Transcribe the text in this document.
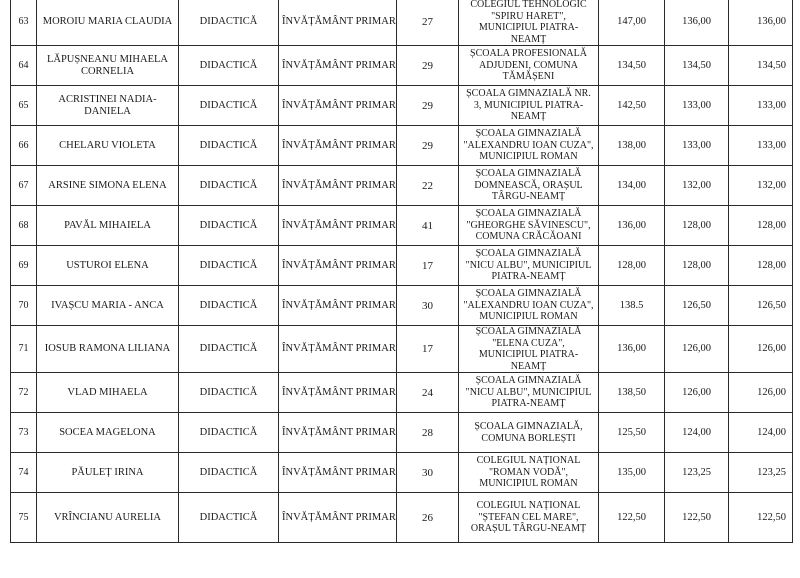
63	MOROIU MARIA CLAUDIA	DIDACTICĂ	ÎNVĂȚĂMÂNT PRIMAR	27	COLEGIUL TEHNOLOGIC "SPIRU HARET", MUNICIPIUL PIATRA-NEAMȚ	147,00	136,00	136,00
64	LĂPUȘNEANU MIHAELA CORNELIA	DIDACTICĂ	ÎNVĂȚĂMÂNT PRIMAR	29	ȘCOALA PROFESIONALĂ ADJUDENI, COMUNA TĂMĂȘENI	134,50	134,50	134,50
65	ACRISTINEI NADIA-DANIELA	DIDACTICĂ	ÎNVĂȚĂMÂNT PRIMAR	29	ȘCOALA GIMNAZIALĂ NR. 3, MUNICIPIUL PIATRA-NEAMȚ	142,50	133,00	133,00
66	CHELARU VIOLETA	DIDACTICĂ	ÎNVĂȚĂMÂNT PRIMAR	29	ȘCOALA GIMNAZIALĂ "ALEXANDRU IOAN CUZA", MUNICIPIUL ROMAN	138,00	133,00	133,00
67	ARSINE SIMONA ELENA	DIDACTICĂ	ÎNVĂȚĂMÂNT PRIMAR	22	ȘCOALA GIMNAZIALĂ DOMNEASCĂ, ORAȘUL TÂRGU-NEAMȚ	134,00	132,00	132,00
68	PAVĂL MIHAIELA	DIDACTICĂ	ÎNVĂȚĂMÂNT PRIMAR	41	ȘCOALA GIMNAZIALĂ "GHEORGHE SĂVINESCU", COMUNA CRĂCĂOANI	136,00	128,00	128,00
69	USTUROI ELENA	DIDACTICĂ	ÎNVĂȚĂMÂNT PRIMAR	17	ȘCOALA GIMNAZIALĂ "NICU ALBU", MUNICIPIUL PIATRA-NEAMȚ	128,00	128,00	128,00
70	IVAȘCU MARIA - ANCA	DIDACTICĂ	ÎNVĂȚĂMÂNT PRIMAR	30	ȘCOALA GIMNAZIALĂ "ALEXANDRU IOAN CUZA", MUNICIPIUL ROMAN	138.5	126,50	126,50
71	IOSUB RAMONA LILIANA	DIDACTICĂ	ÎNVĂȚĂMÂNT PRIMAR	17	ȘCOALA GIMNAZIALĂ "ELENA CUZA", MUNICIPIUL PIATRA-NEAMȚ	136,00	126,00	126,00
72	VLAD MIHAELA	DIDACTICĂ	ÎNVĂȚĂMÂNT PRIMAR	24	ȘCOALA GIMNAZIALĂ "NICU ALBU", MUNICIPIUL PIATRA-NEAMȚ	138,50	126,00	126,00
73	SOCEA MAGELONA	DIDACTICĂ	ÎNVĂȚĂMÂNT PRIMAR	28	ȘCOALA GIMNAZIALĂ, COMUNA BORLEȘTI	125,50	124,00	124,00
74	PĂULEȚ IRINA	DIDACTICĂ	ÎNVĂȚĂMÂNT PRIMAR	30	COLEGIUL NAȚIONAL "ROMAN VODĂ", MUNICIPIUL ROMAN	135,00	123,25	123,25
75	VRÎNCIANU AURELIA	DIDACTICĂ	ÎNVĂȚĂMÂNT PRIMAR	26	COLEGIUL NAȚIONAL "ȘTEFAN CEL MARE", ORAȘUL TÂRGU-NEAMȚ	122,50	122,50	122,50
